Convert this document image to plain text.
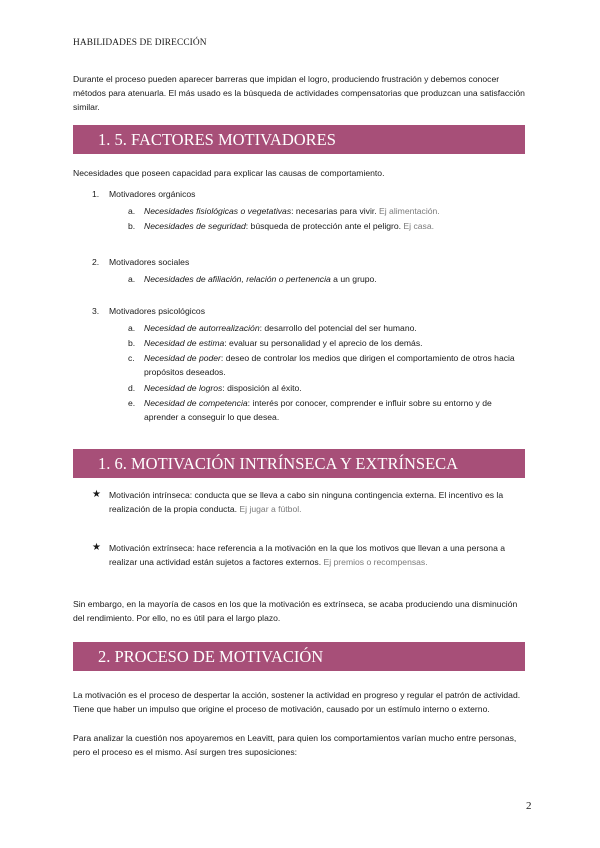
HABILIDADES DE DIRECCIÓN
Durante el proceso pueden aparecer barreras que impidan el logro, produciendo frustración y debemos conocer métodos para atenuarla. El más usado es la búsqueda de actividades compensatorias que produzcan una satisfacción similar.
1. 5. FACTORES MOTIVADORES
Necesidades que poseen capacidad para explicar las causas de comportamiento.
1. Motivadores orgánicos
a. Necesidades fisiológicas o vegetativas: necesarias para vivir. Ej alimentación.
b. Necesidades de seguridad: búsqueda de protección ante el peligro. Ej casa.
2. Motivadores sociales
a. Necesidades de afiliación, relación o pertenencia a un grupo.
3. Motivadores psicológicos
a. Necesidad de autorrealización: desarrollo del potencial del ser humano.
b. Necesidad de estima: evaluar su personalidad y el aprecio de los demás.
c. Necesidad de poder: deseo de controlar los medios que dirigen el comportamiento de otros hacia propósitos deseados.
d. Necesidad de logros: disposición al éxito.
e. Necesidad de competencia: interés por conocer, comprender e influir sobre su entorno y de aprender a conseguir lo que desea.
1. 6. MOTIVACIÓN INTRÍNSECA Y EXTRÍNSECA
★ Motivación intrínseca: conducta que se lleva a cabo sin ninguna contingencia externa. El incentivo es la realización de la propia conducta. Ej jugar a fútbol.
★ Motivación extrínseca: hace referencia a la motivación en la que los motivos que llevan a una persona a realizar una actividad están sujetos a factores externos. Ej premios o recompensas.
Sin embargo, en la mayoría de casos en los que la motivación es extrínseca, se acaba produciendo una disminución del rendimiento. Por ello, no es útil para el largo plazo.
2. PROCESO DE MOTIVACIÓN
La motivación es el proceso de despertar la acción, sostener la actividad en progreso y regular el patrón de actividad. Tiene que haber un impulso que origine el proceso de motivación, causado por un estímulo interno o externo.
Para analizar la cuestión nos apoyaremos en Leavitt, para quien los comportamientos varían mucho entre personas, pero el proceso es el mismo. Así surgen tres suposiciones:
2
